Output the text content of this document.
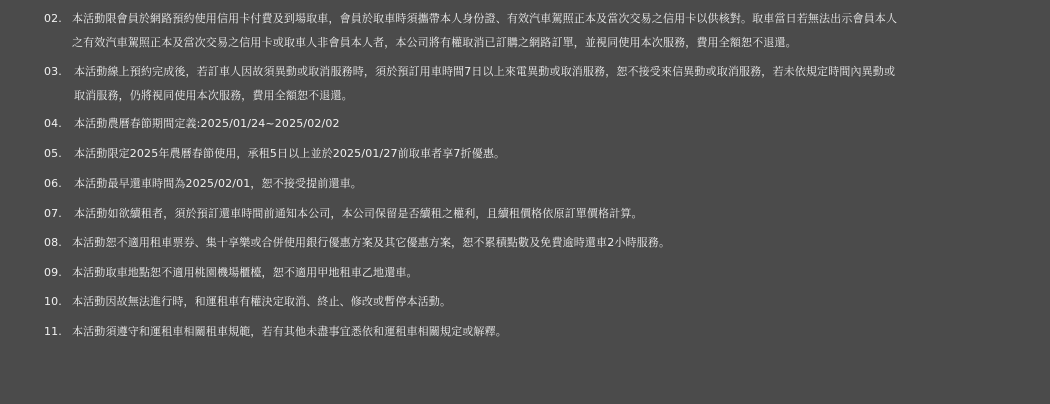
02. 本活動限會員於網路預約使用信用卡付費及到場取車，會員於取車時須攜帶本人身份證、有效汽車駕照正本及當次交易之信用卡以供核對。取車當日若無法出示會員本人
之有效汽車駕照正本及當次交易之信用卡或取車人非會員本人者，本公司將有權取消已訂購之網路訂單，並視同使用本次服務，費用全額恕不退還。
03. 本活動線上預約完成後，若訂車人因故須異動或取消服務時，須於預訂用車時間7日以上來電異動或取消服務，恕不接受來信異動或取消服務，若未依規定時間內異動或
取消服務，仍將視同使用本次服務，費用全額恕不退還。
04. 本活動農曆春節期間定義:2025/01/24~2025/02/02
05. 本活動限定2025年農曆春節使用，承租5日以上並於2025/01/27前取車者享7折優惠。
06. 本活動最早還車時間為2025/02/01，恕不接受提前還車。
07. 本活動如欲續租者，須於預訂還車時間前通知本公司，本公司保留是否續租之權利，且續租價格依原訂單價格計算。
08. 本活動恕不適用租車票券、集十享樂或合併使用銀行優惠方案及其它優惠方案，恕不累積點數及免費逾時還車2小時服務。
09. 本活動取車地點恕不適用桃園機場櫃檯，恕不適用甲地租車乙地還車。
10. 本活動因故無法進行時，和運租車有權決定取消、終止、修改或暫停本活動。
11. 本活動須遵守和運租車相關租車規範，若有其他未盡事宜悉依和運租車相關規定或解釋。
